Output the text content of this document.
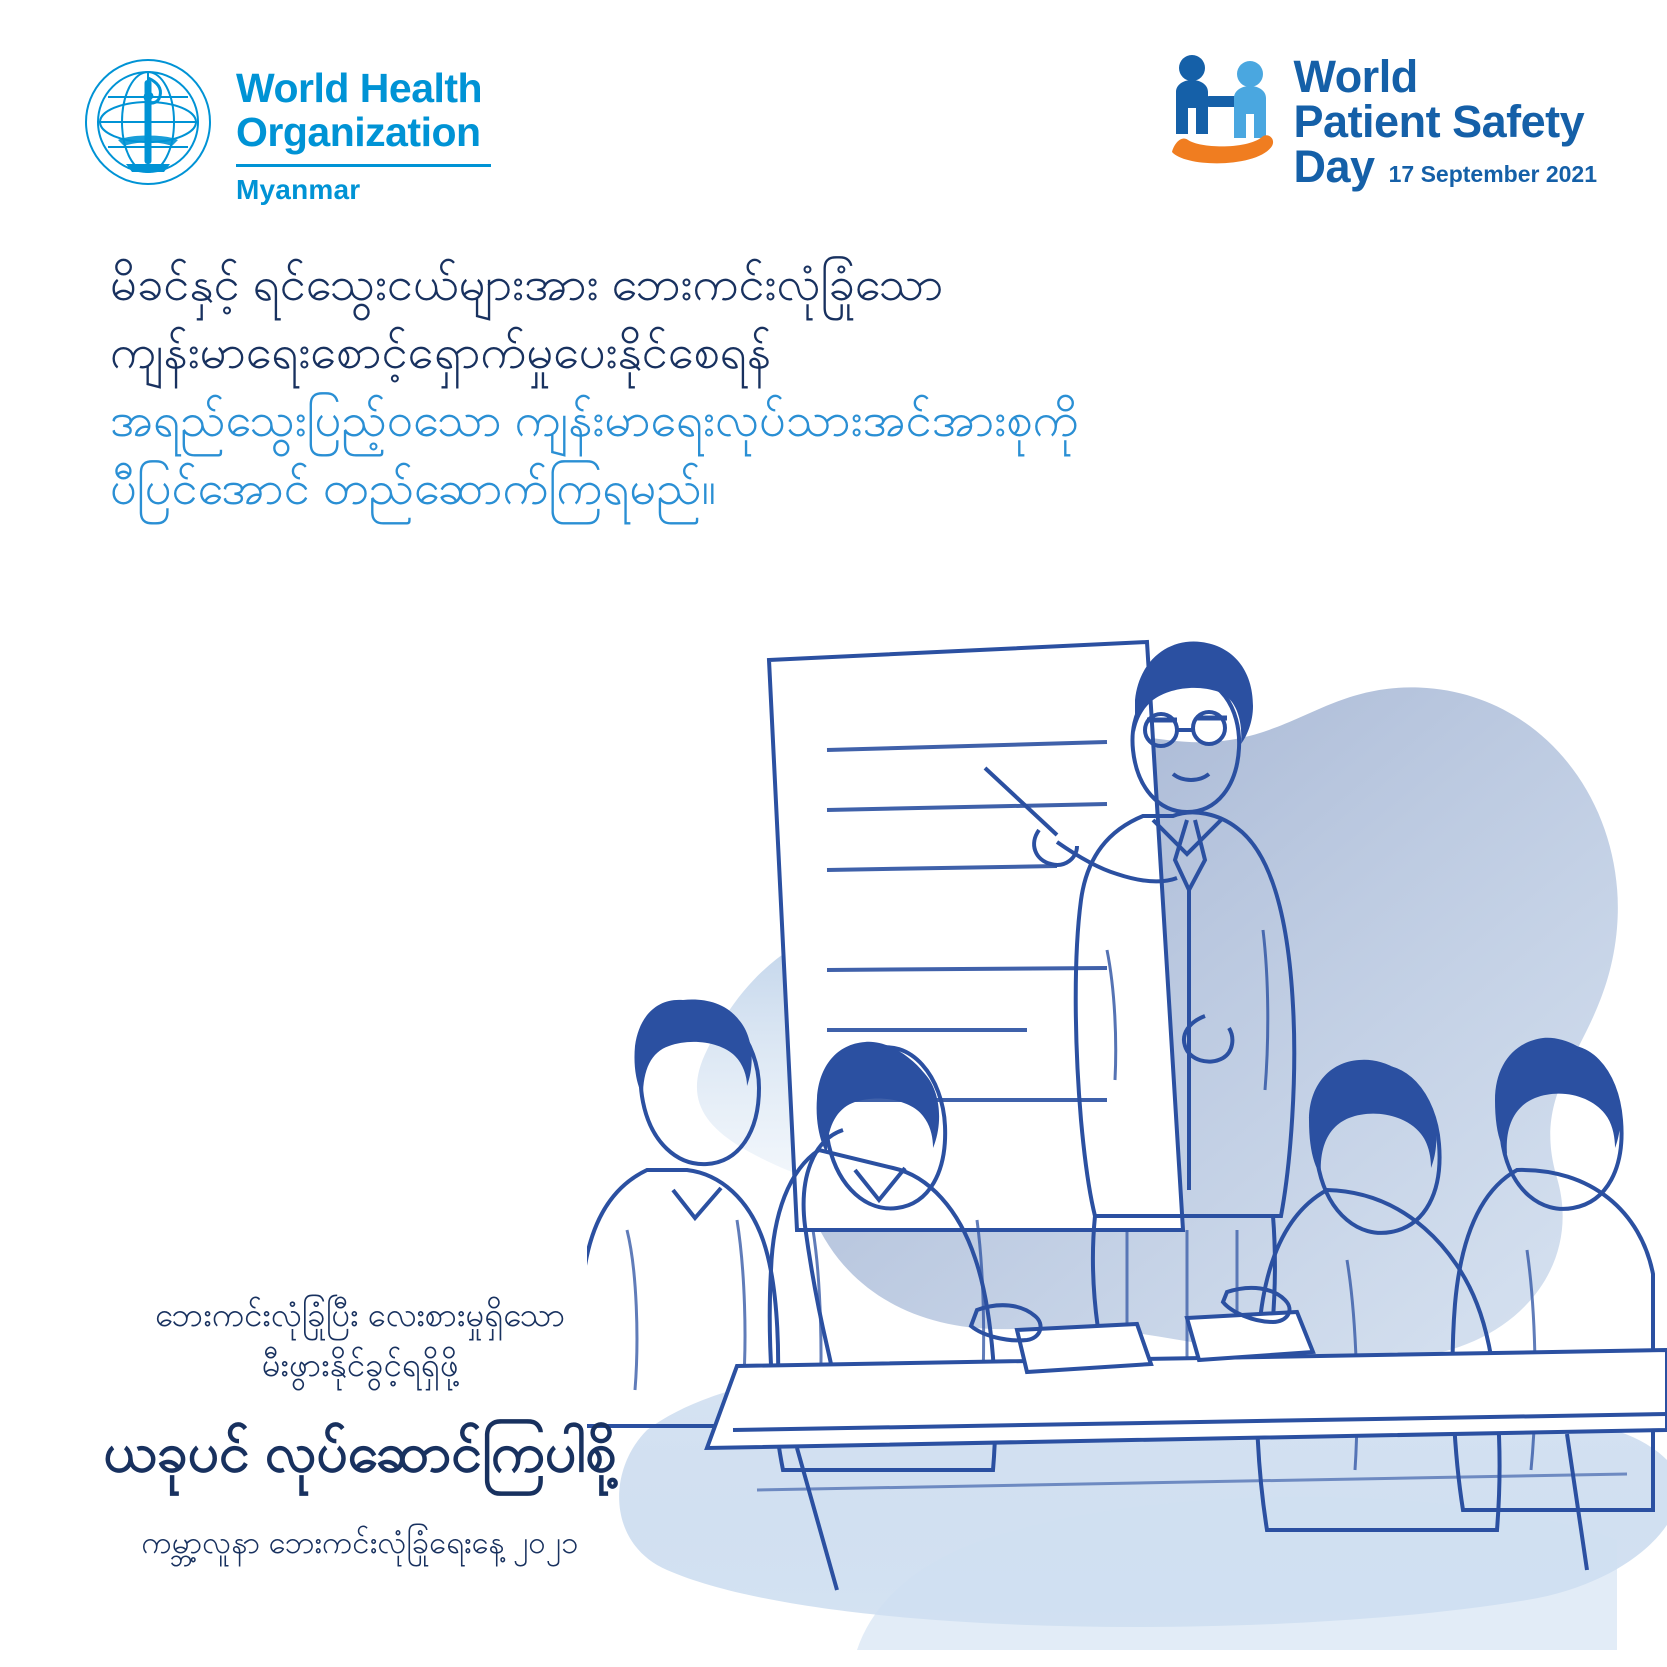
World Health
Organization
Myanmar
World
Patient Safety
Day 17 September 2021
မိခင်နှင့် ရင်သွေးငယ်များအား ဘေးကင်းလုံခြုံသော
ကျန်းမာရေးစောင့်ရှောက်မှုပေးနိုင်စေရန်
အရည်သွေးပြည့်ဝသော ကျန်းမာရေးလုပ်သားအင်အားစုကို
ပီပြင်အောင် တည်ဆောက်ကြရမည်။
ဘေးကင်းလုံခြုံပြီး လေးစားမှုရှိသော
မီးဖွားနိုင်ခွင့်ရရှိဖို့
ယခုပင် လုပ်ဆောင်ကြပါစို့
ကမ္ဘာ့လူနာ ဘေးကင်းလုံခြုံရေးနေ့ ၂၀၂၁
